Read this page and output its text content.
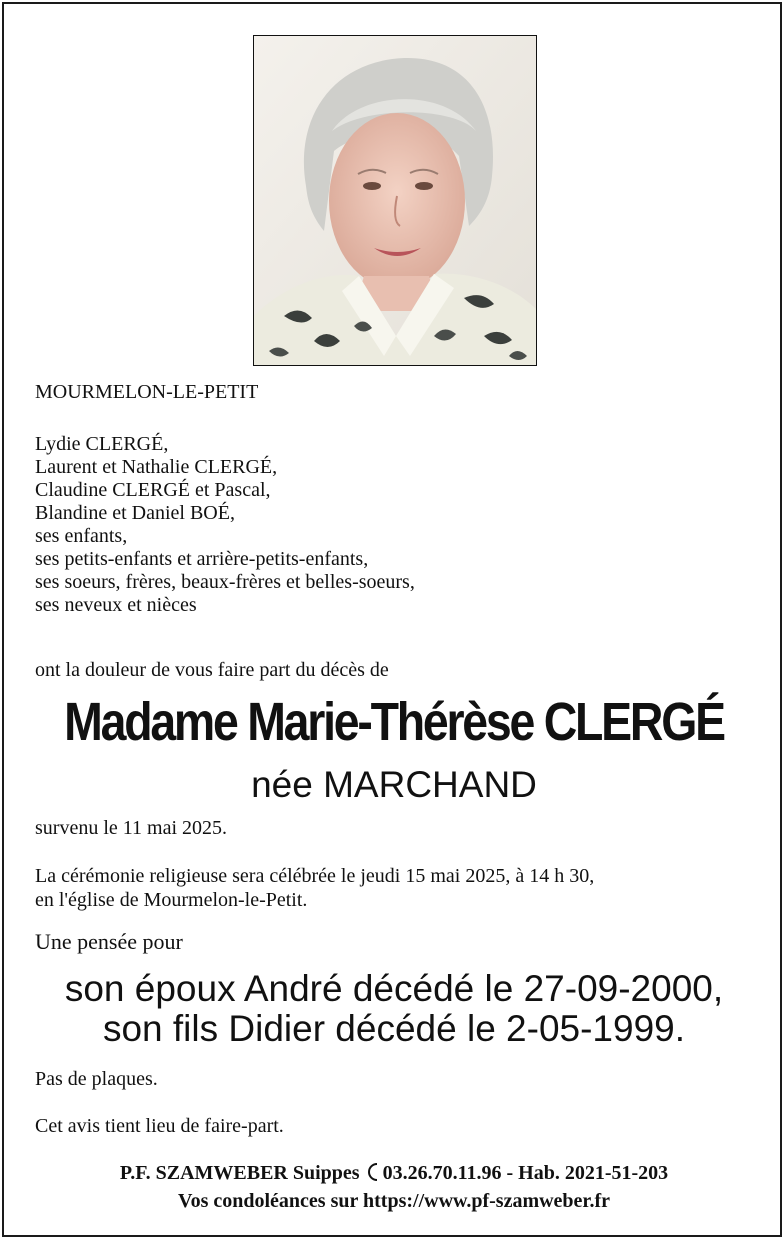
MOURMELON-LE-PETIT
Lydie CLERGÉ,
Laurent et Nathalie CLERGÉ,
Claudine CLERGÉ et Pascal,
Blandine et Daniel BOÉ,
ses enfants,
ses petits-enfants et arrière-petits-enfants,
ses soeurs, frères, beaux-frères et belles-soeurs,
ses neveux et nièces
ont la douleur de vous faire part du décès de
Madame Marie-Thérèse CLERGÉ
née MARCHAND
survenu le 11 mai 2025.
La cérémonie religieuse sera célébrée le jeudi 15 mai 2025, à 14 h 30,
en l'église de Mourmelon-le-Petit.
Une pensée pour
son époux André décédé le 27-09-2000,
son fils Didier décédé le 2-05-1999.
Pas de plaques.
Cet avis tient lieu de faire-part.
P.F. SZAMWEBER Suippes 03.26.70.11.96 - Hab. 2021-51-203
Vos condoléances sur https://www.pf-szamweber.fr
